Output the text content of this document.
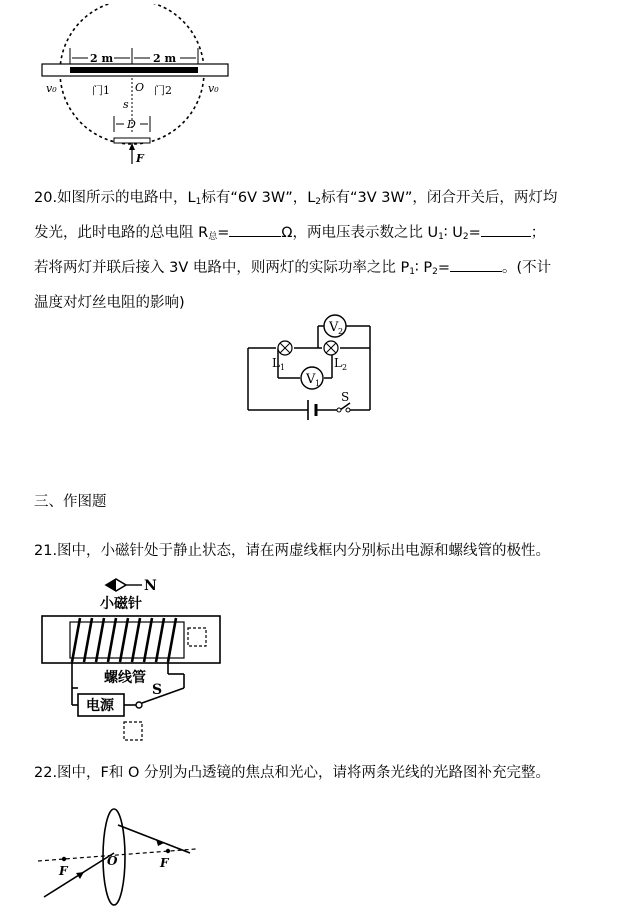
2 m	2 m
v₀	v₀
门1	门2
O
s
D
F
20.如图所示的电路中，$L_1$标有“6V 3W”，$L_2$标有“3V 3W”，闭合开关后，两灯均
发光，此时电路的总电阻 $R_总=$	Ω，两电压表示数之比 $U_1∶$ $U_2=$	；
若将两灯并联后接入 3V 电路中，则两灯的实际功率之比 $P_1∶$ $P_2=$	。(不计
温度对灯丝电阻的影响)
V 2
V 1
L 1	L 2
S
三、作图题
21.图中，小磁针处于静止状态，请在两虚线框内分别标出电源和螺线管的极性。
N
小磁针
螺线管
电源
S
22.图中，F和 O 分别为凸透镜的焦点和光心，请将两条光线的光路图补充完整。
F
O	F
